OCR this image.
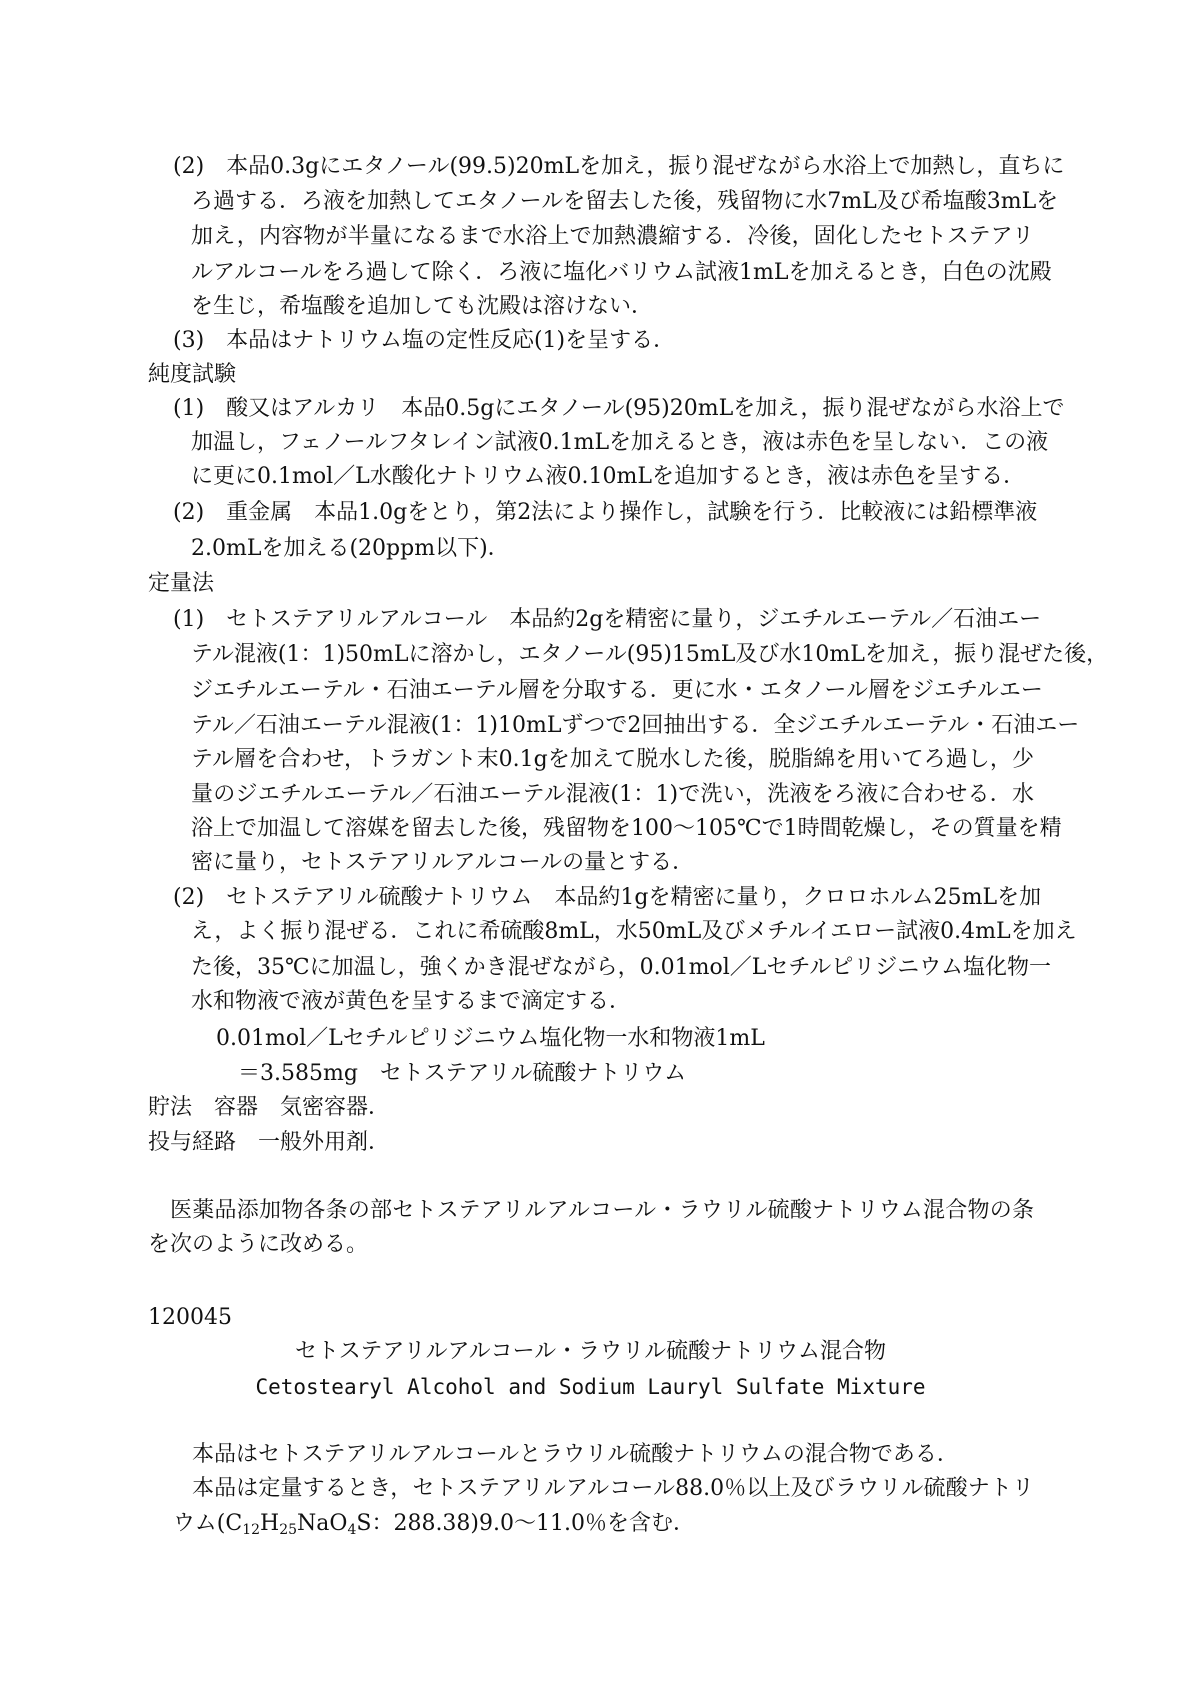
(2)　本品0.3gにエタノール(99.5)20mLを加え，振り混ぜながら水浴上で加熱し，直ちに
ろ過する．ろ液を加熱してエタノールを留去した後，残留物に水7mL及び希塩酸3mLを
加え，内容物が半量になるまで水浴上で加熱濃縮する．冷後，固化したセトステアリ
ルアルコールをろ過して除く．ろ液に塩化バリウム試液1mLを加えるとき，白色の沈殿
を生じ，希塩酸を追加しても沈殿は溶けない．
(3)　本品はナトリウム塩の定性反応(1)を呈する．
純度試験
(1)　酸又はアルカリ　本品0.5gにエタノール(95)20mLを加え，振り混ぜながら水浴上で
加温し，フェノールフタレイン試液0.1mLを加えるとき，液は赤色を呈しない．この液
に更に0.1mol／L水酸化ナトリウム液0.10mLを追加するとき，液は赤色を呈する．
(2)　重金属　本品1.0gをとり，第2法により操作し，試験を行う．比較液には鉛標準液
2.0mLを加える(20ppm以下)．
定量法
(1)　セトステアリルアルコール　本品約2gを精密に量り，ジエチルエーテル／石油エー
テル混液(1：1)50mLに溶かし，エタノール(95)15mL及び水10mLを加え，振り混ぜた後，
ジエチルエーテル・石油エーテル層を分取する．更に水・エタノール層をジエチルエー
テル／石油エーテル混液(1：1)10mLずつで2回抽出する．全ジエチルエーテル・石油エー
テル層を合わせ，トラガント末0.1gを加えて脱水した後，脱脂綿を用いてろ過し，少
量のジエチルエーテル／石油エーテル混液(1：1)で洗い，洗液をろ液に合わせる．水
浴上で加温して溶媒を留去した後，残留物を100～105℃で1時間乾燥し，その質量を精
密に量り，セトステアリルアルコールの量とする．
(2)　セトステアリル硫酸ナトリウム　本品約1gを精密に量り，クロロホルム25mLを加
え，よく振り混ぜる．これに希硫酸8mL，水50mL及びメチルイエロー試液0.4mLを加え
た後，35℃に加温し，強くかき混ぜながら，0.01mol／Lセチルピリジニウム塩化物一
水和物液で液が黄色を呈するまで滴定する．
0.01mol／Lセチルピリジニウム塩化物一水和物液1mL
＝3.585mg　セトステアリル硫酸ナトリウム
貯法　容器　気密容器．
投与経路　一般外用剤．
医薬品添加物各条の部セトステアリルアルコール・ラウリル硫酸ナトリウム混合物の条
を次のように改める。
120045
セトステアリルアルコール・ラウリル硫酸ナトリウム混合物
Cetostearyl Alcohol and Sodium Lauryl Sulfate Mixture
本品はセトステアリルアルコールとラウリル硫酸ナトリウムの混合物である．
本品は定量するとき，セトステアリルアルコール88.0％以上及びラウリル硫酸ナトリ
ウム($C_{12}H_{25}NaO_4S$：288.38)9.0～11.0％を含む．
